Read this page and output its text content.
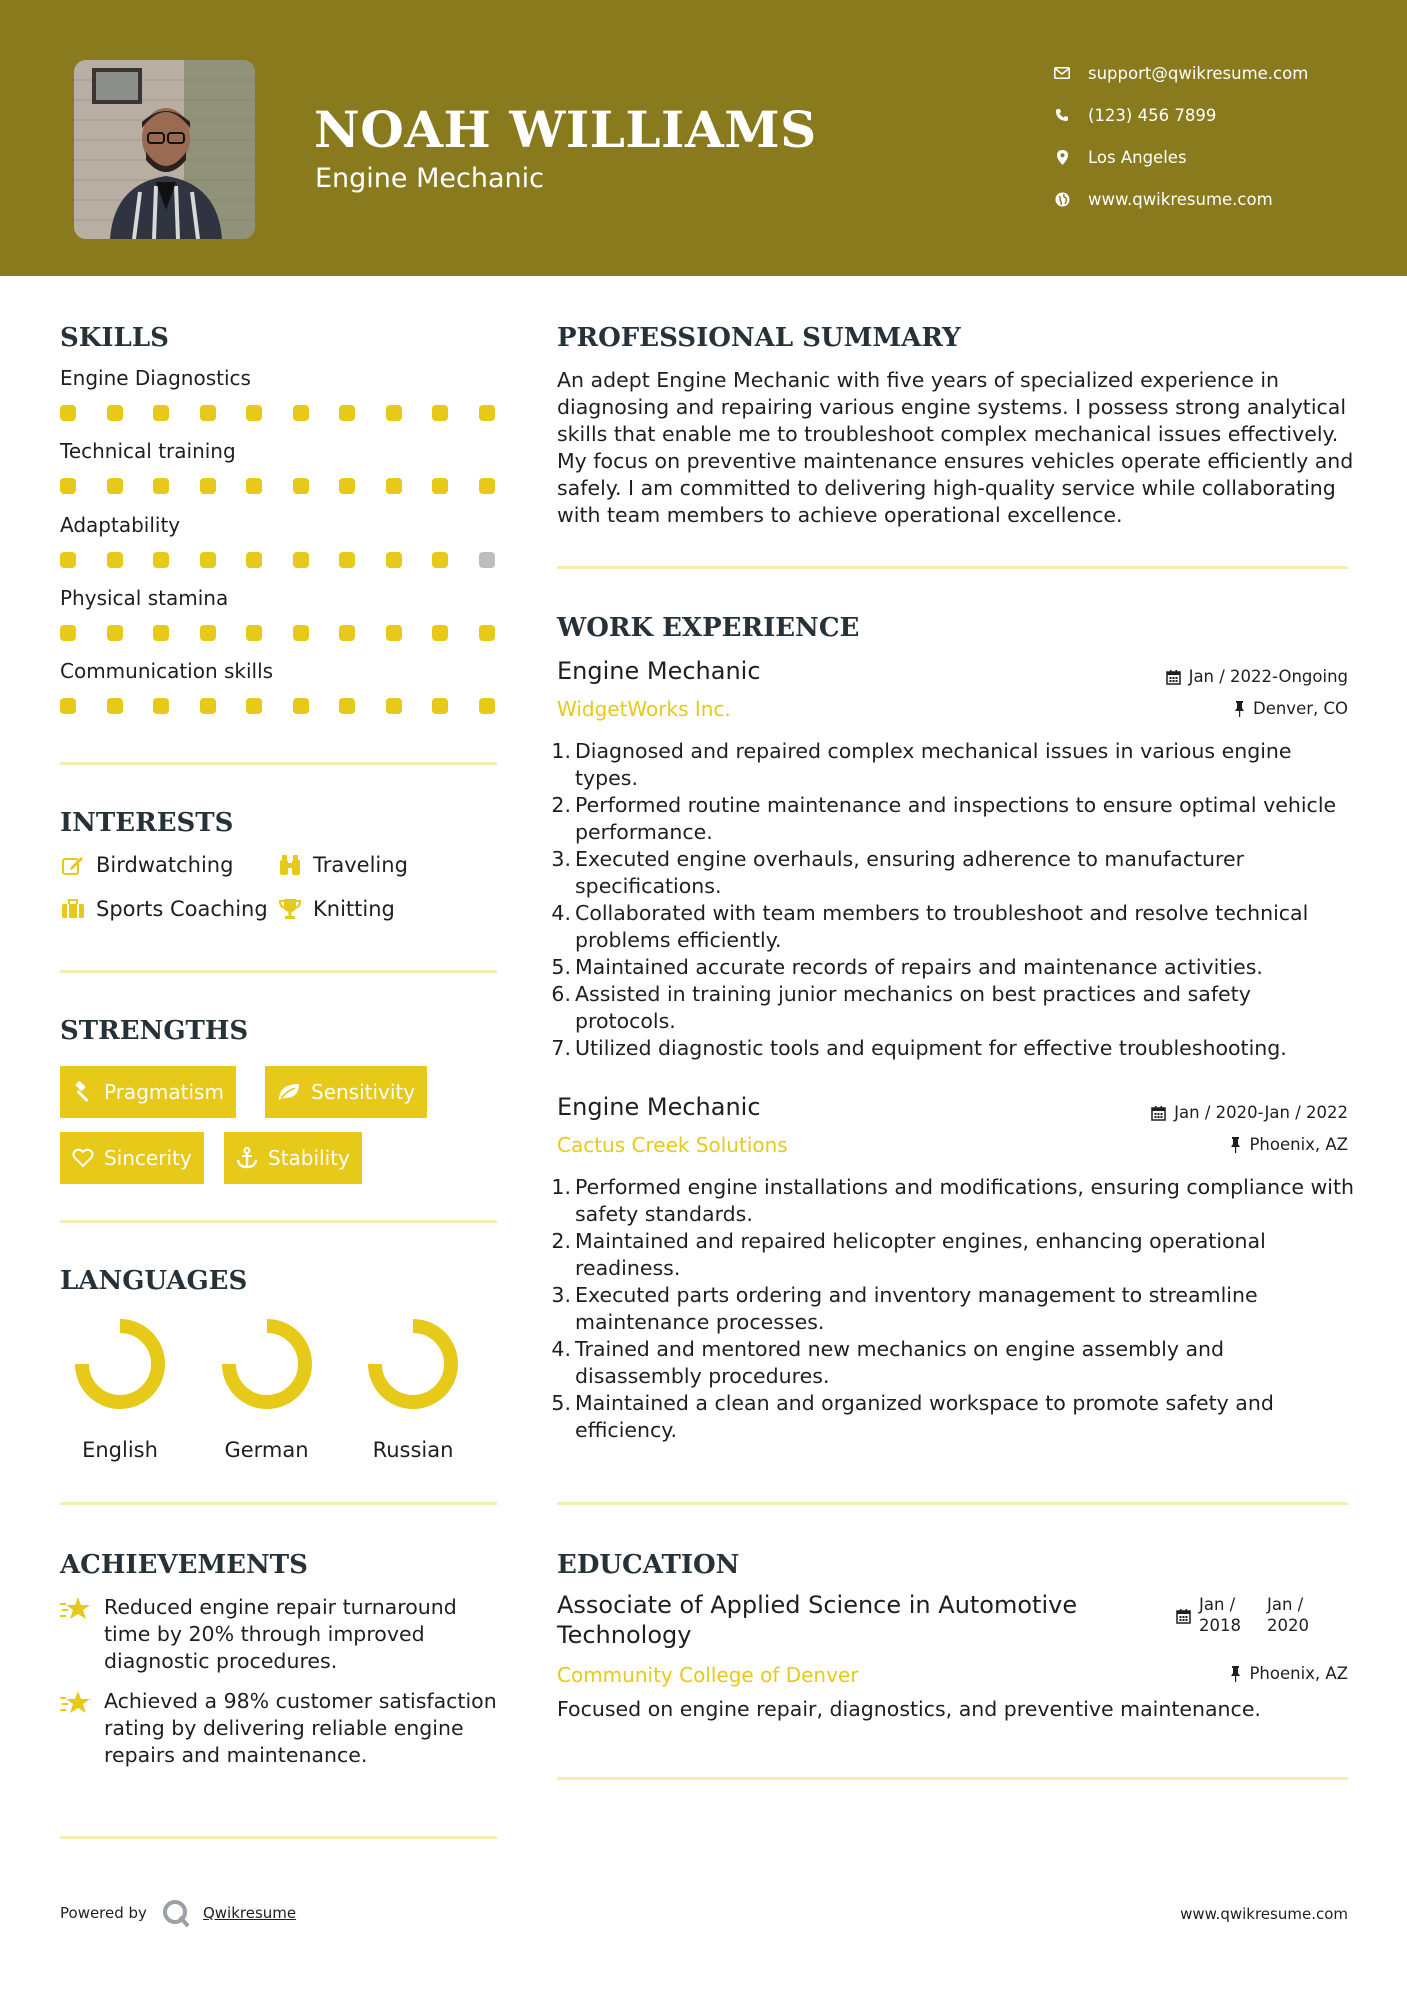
NOAH WILLIAMS
Engine Mechanic
support@qwikresume.com
(123) 456 7899
Los Angeles
www.qwikresume.com
SKILLS
Engine Diagnostics
Technical training
Adaptability
Physical stamina
Communication skills
INTERESTS
Birdwatching	Traveling
Sports Coaching Knitting
STRENGTHS
Pragmatism	Sensitivity
Sincerity	Stability
LANGUAGES
English	German	Russian
ACHIEVEMENTS
Reduced engine repair turnaround time by 20% through improved diagnostic procedures.
Achieved a 98% customer satisfaction rating by delivering reliable engine repairs and maintenance.
PROFESSIONAL SUMMARY
An adept Engine Mechanic with five years of specialized experience in diagnosing and repairing various engine systems. I possess strong analytical skills that enable me to troubleshoot complex mechanical issues effectively. My focus on preventive maintenance ensures vehicles operate efficiently and safely. I am committed to delivering high-quality service while collaborating with team members to achieve operational excellence.
WORK EXPERIENCE
Engine Mechanic
WidgetWorks Inc.
Jan / 2022-Ongoing
Denver, CO
Diagnosed and repaired complex mechanical issues in various engine types.
Performed routine maintenance and inspections to ensure optimal vehicle performance.
Executed engine overhauls, ensuring adherence to manufacturer specifications.
Collaborated with team members to troubleshoot and resolve technical problems efficiently.
Maintained accurate records of repairs and maintenance activities.
Assisted in training junior mechanics on best practices and safety protocols.
Utilized diagnostic tools and equipment for effective troubleshooting.
Engine Mechanic
Cactus Creek Solutions
Jan / 2020-Jan / 2022
Phoenix, AZ
Performed engine installations and modifications, ensuring compliance with safety standards.
Maintained and repaired helicopter engines, enhancing operational readiness.
Executed parts ordering and inventory management to streamline maintenance processes.
Trained and mentored new mechanics on engine assembly and disassembly procedures.
Maintained a clean and organized workspace to promote safety and efficiency.
EDUCATION
Associate of Applied Science in Automotive Technology
Jan / 2018
Jan / 2020
Community College of Denver	Phoenix, AZ
Focused on engine repair, diagnostics, and preventive maintenance.
Powered by	Qwikresume	www.qwikresume.com
